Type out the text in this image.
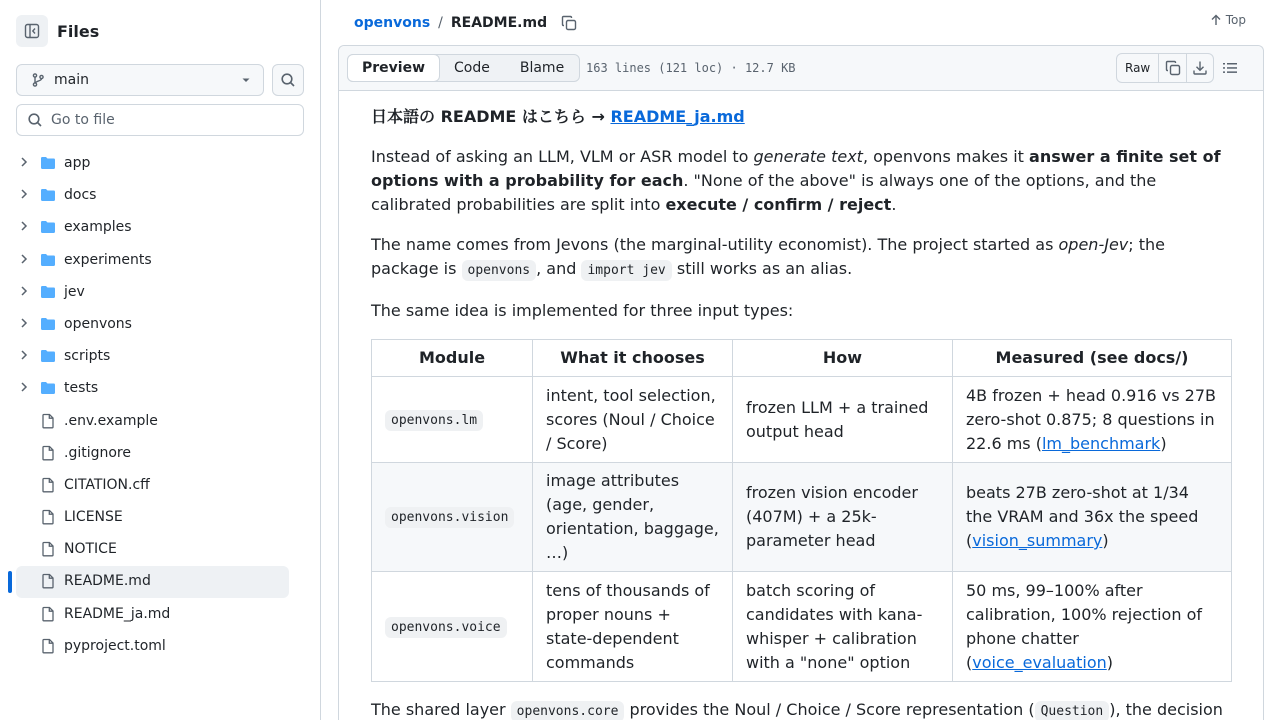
Files
main
Go to file
app
docs
examples
experiments
jev
openvons
scripts
tests
.env.example
.gitignore
CITATION.cff
LICENSE
NOTICE
README.md
README_ja.md
pyproject.toml
openvons / README.md	Top
Preview Code Blame 163 lines (121 loc) · 12.7 KB	Raw

日本語の README はこちら → README_ja.md

Instead of asking an LLM, VLM or ASR model to generate text, openvons makes it answer a finite set of options with a probability for each. "None of the above" is always one of the options, and the calibrated probabilities are split into execute / confirm / reject.

The name comes from Jevons (the marginal-utility economist). The project started as open-Jev; the package is openvons , and import jev still works as an alias.

The same idea is implemented for three input types:

Module	What it chooses	How	Measured (see docs/)
openvons.lm	intent, tool selection, scores (Noul / Choice / Score)	frozen LLM + a trained output head	4B frozen + head 0.916 vs 27B zero-shot 0.875; 8 questions in 22.6 ms (lm_benchmark)
openvons.vision	image attributes (age, gender, orientation, baggage, …)	frozen vision encoder (407M) + a 25k-parameter head	beats 27B zero-shot at 1/34 the VRAM and 36x the speed (vision_summary)
openvons.voice	tens of thousands of proper nouns + state-dependent commands	batch scoring of candidates with kana-whisper + calibration with a "none" option	50 ms, 99–100% after calibration, 100% rejection of phone chatter (voice_evaluation)

The shared layer openvons.core provides the Noul / Choice / Score representation ( Question ), the decision
